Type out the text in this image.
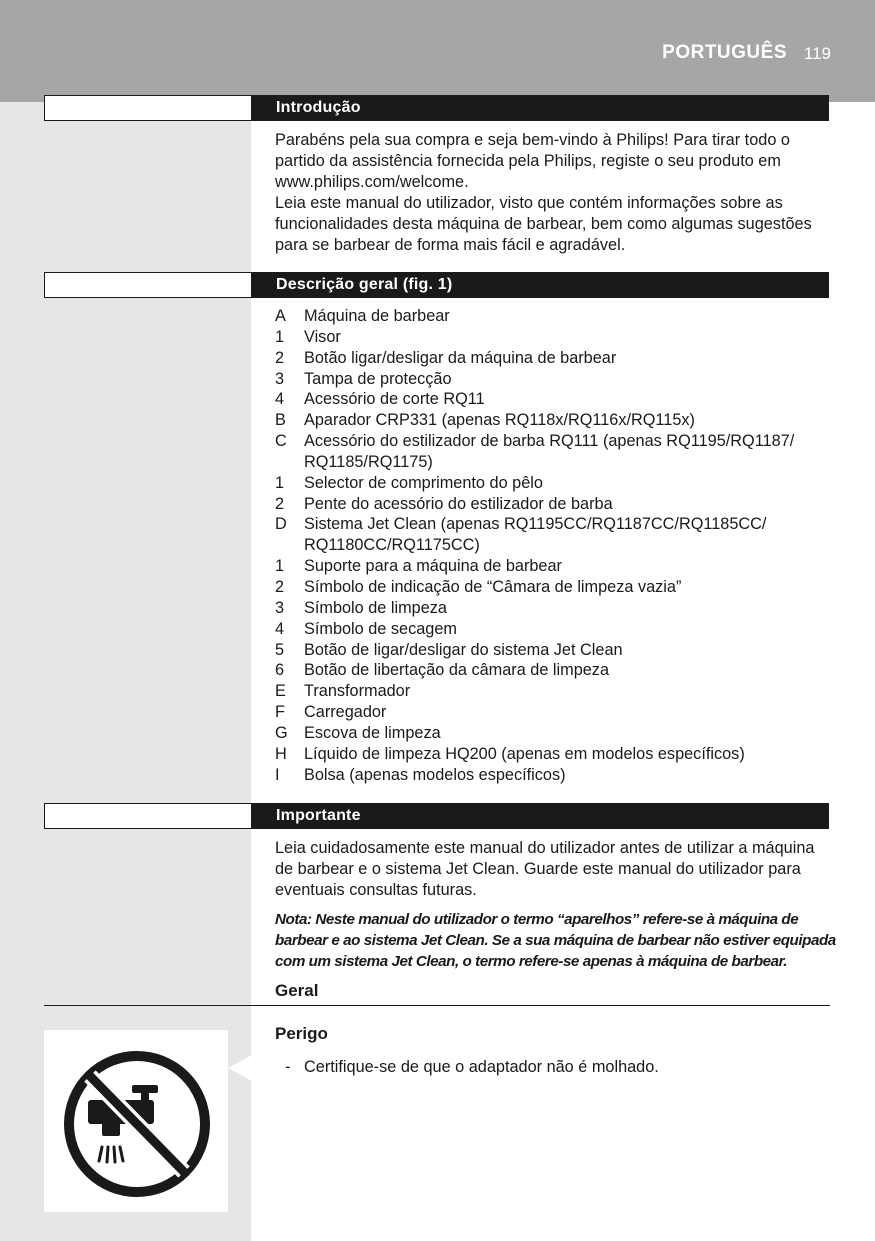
PORTUGUÊS 119
Introdução

Parabéns pela sua compra e seja bem-vindo à Philips! Para tirar todo o
partido da assistência fornecida pela Philips, registe o seu produto em
www.philips.com/welcome.
Leia este manual do utilizador, visto que contém informações sobre as
funcionalidades desta máquina de barbear, bem como algumas sugestões
para se barbear de forma mais fácil e agradável.

Descrição geral (fig. 1)
A Máquina de barbear
1 Visor
2 Botão ligar/desligar da máquina de barbear
3 Tampa de protecção
4 Acessório de corte RQ11
B Aparador CRP331 (apenas RQ118x/RQ116x/RQ115x)
C Acessório do estilizador de barba RQ111 (apenas RQ1195/RQ1187/
RQ1185/RQ1175)
1 Selector de comprimento do pêlo
2 Pente do acessório do estilizador de barba
D Sistema Jet Clean (apenas RQ1195CC/RQ1187CC/RQ1185CC/
RQ1180CC/RQ1175CC)
1 Suporte para a máquina de barbear
2 Símbolo de indicação de “Câmara de limpeza vazia”
3 Símbolo de limpeza
4 Símbolo de secagem
5 Botão de ligar/desligar do sistema Jet Clean
6 Botão de libertação da câmara de limpeza
E Transformador
F Carregador
G Escova de limpeza
H Líquido de limpeza HQ200 (apenas em modelos específicos)
I Bolsa (apenas modelos específicos)
Importante

Leia cuidadosamente este manual do utilizador antes de utilizar a máquina
de barbear e o sistema Jet Clean. Guarde este manual do utilizador para
eventuais consultas futuras.

Nota: Neste manual do utilizador o termo “aparelhos” refere-se à máquina de
barbear e ao sistema Jet Clean. Se a sua máquina de barbear não estiver equipada
com um sistema Jet Clean, o termo refere-se apenas à máquina de barbear.

Geral
Perigo
- Certifique-se de que o adaptador não é molhado.
